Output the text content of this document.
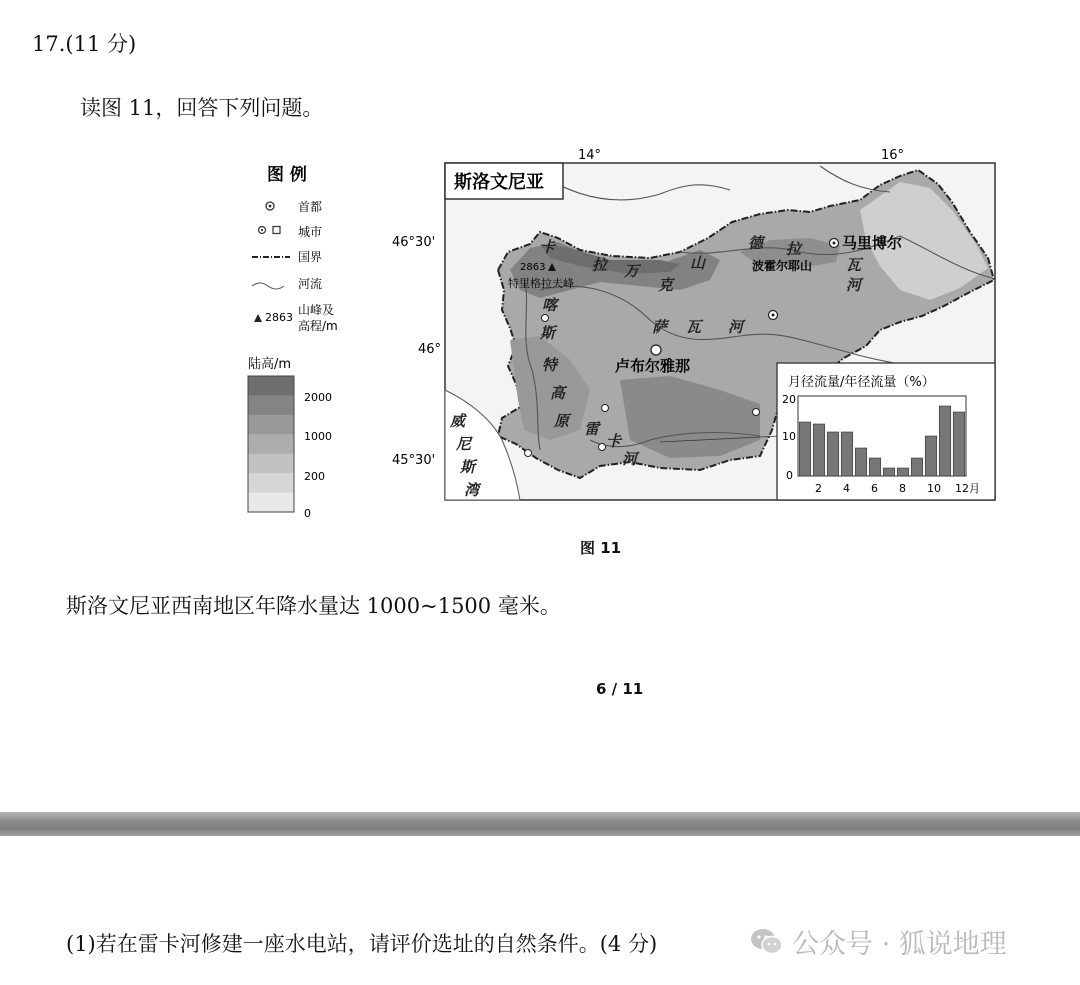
17.(11 分)
读图 11，回答下列问题。
图 例
首都
城市
国界
河流
2863
山峰及
高程/m
陆高/m
2000
1000
200
0
14°	16°
46°30'
46°
45°30'
斯洛文尼亚
2863
特里格拉夫峰
卢布尔雅那
马里博尔
波霍尔耶山
卡
拉 万
克
山
喀
斯
特
高
原
威
尼
斯
湾
德 拉
瓦
河
萨 瓦 河
雷
卡
河
月径流量/年径流量（%）
20
10
0
2 4 6 8 10 12月
图 11
斯洛文尼亚西南地区年降水量达 1000~1500 毫米。
6 / 11
(1)若在雷卡河修建一座水电站，请评价选址的自然条件。(4 分)	公众号 · 狐说地理
